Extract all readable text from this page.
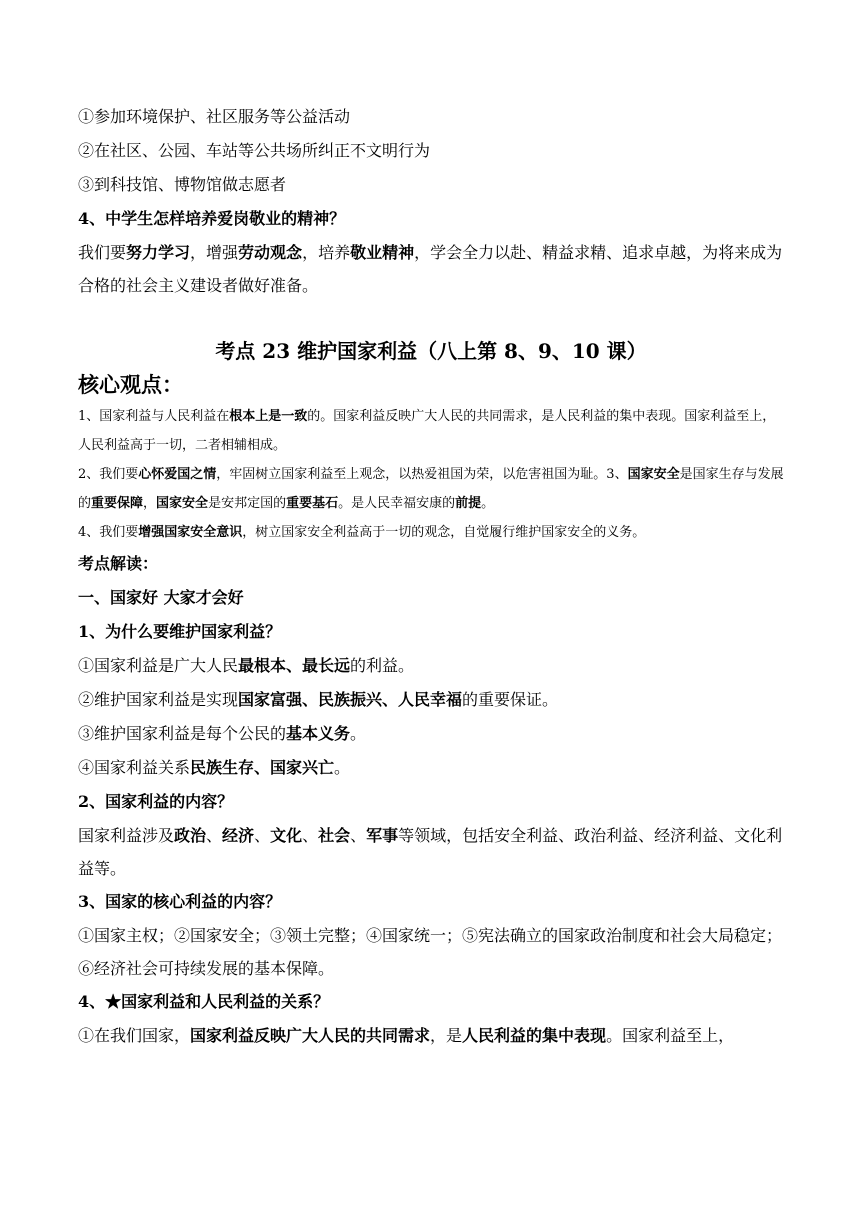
①参加环境保护、社区服务等公益活动
②在社区、公园、车站等公共场所纠正不文明行为
③到科技馆、博物馆做志愿者
4、中学生怎样培养爱岗敬业的精神？
我们要努力学习，增强劳动观念，培养敬业精神，学会全力以赴、精益求精、追求卓越，为将来成为合格的社会主义建设者做好准备。
考点 23 维护国家利益（八上第 8、9、10 课）
核心观点：
1、国家利益与人民利益在根本上是一致的。国家利益反映广大人民的共同需求，是人民利益的集中表现。国家利益至上，人民利益高于一切，二者相辅相成。
2、我们要心怀爱国之情，牢固树立国家利益至上观念，以热爱祖国为荣，以危害祖国为耻。3、国家安全是国家生存与发展的重要保障，国家安全是安邦定国的重要基石。是人民幸福安康的前提。
4、我们要增强国家安全意识，树立国家安全利益高于一切的观念，自觉履行维护国家安全的义务。
考点解读：
一、国家好 大家才会好
1、为什么要维护国家利益？
①国家利益是广大人民最根本、最长远的利益。
②维护国家利益是实现国家富强、民族振兴、人民幸福的重要保证。
③维护国家利益是每个公民的基本义务。
④国家利益关系民族生存、国家兴亡。
2、国家利益的内容？
国家利益涉及政治、经济、文化、社会、军事等领域，包括安全利益、政治利益、经济利益、文化利益等。
3、国家的核心利益的内容？
①国家主权；②国家安全；③领土完整；④国家统一；⑤宪法确立的国家政治制度和社会大局稳定；⑥经济社会可持续发展的基本保障。
4、★国家利益和人民利益的关系？
①在我们国家，国家利益反映广大人民的共同需求，是人民利益的集中表现。国家利益至上，
